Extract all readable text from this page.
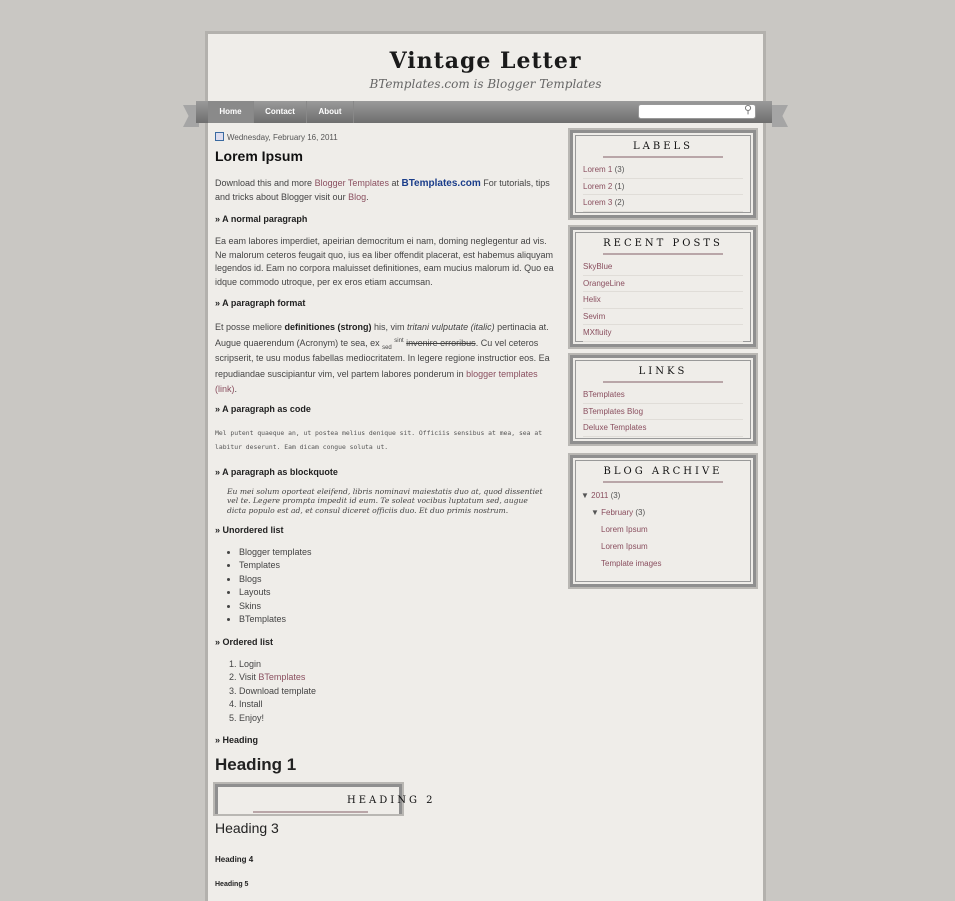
Vintage Letter
BTemplates.com is Blogger Templates
Home	Contact	About	⚲
Wednesday, February 16, 2011
Lorem Ipsum
Download this and more Blogger Templates at BTemplates.com For tutorials, tips and tricks about Blogger visit our Blog.
» A normal paragraph
Ea eam labores imperdiet, apeirian democritum ei nam, doming neglegentur ad vis. Ne malorum ceteros feugait quo, ius ea liber offendit placerat, est habemus aliquyam legendos id. Eam no corpora maluisset definitiones, eam mucius malorum id. Quo ea idque commodo utroque, per ex eros etiam accumsan.
» A paragraph format
Et posse meliore definitiones (strong) his, vim tritani vulputate (italic) pertinacia at. Augue quaerendum (Acronym) te sea, ex $_{sed}$ $^{sint}$ invenire erroribus. Cu vel ceteros scripserit, te usu modus fabellas mediocritatem. In legere regione instructior eos. Ea repudiandae suscipiantur vim, vel partem labores ponderum in blogger templates (link).
» A paragraph as code
Mel putent quaeque an, ut postea melius denique sit. Officiis sensibus at mea, sea at labitur deserunt. Eam dicam congue soluta ut.
» A paragraph as blockquote
Eu mei solum oporteat eleifend, libris nominavi maiestatis duo at, quod dissentiet vel te. Legere prompta impedit id eum. Te soleat vocibus luptatum sed, augue dicta populo est ad, et consul diceret officiis duo. Et duo primis nostrum.
» Unordered list
• Blogger templates
• Templates
• Blogs
• Layouts
• Skins
• BTemplates
» Ordered list
1. Login
2. Visit BTemplates
3. Download template
4. Install
5. Enjoy!
» Heading
Heading 1
HEADING 2
Heading 3
Heading 4
Heading 5
LABELS
Lorem 1 (3)
Lorem 2 (1)
Lorem 3 (2)
RECENT POSTS
SkyBlue
OrangeLine
Helix
Sevim
MXfluity
LINKS
BTemplates
BTemplates Blog
Deluxe Templates
BLOG ARCHIVE
▼ 2011 (3)
▼ February (3)
Lorem Ipsum
Lorem Ipsum
Template images
